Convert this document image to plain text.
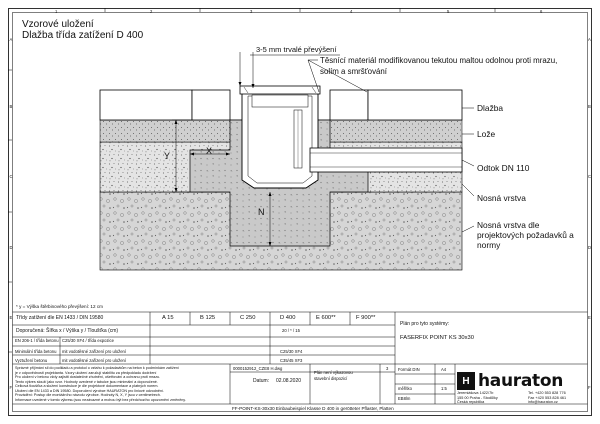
1	2	3	4	5	6
A
B
C
D
E
F
A
B
C
D
E
F
Vzorové uložení
Dlažba třída zatížení D 400
3-5 mm trvalé převýšení
Těsnící materiál modifikovanou tekutou maltou odolnou proti mrazu,
solím a smršťování
Dlažba
Lože
Odtok DN 110
Nosná vrstva
Nosná vrstva dle
projektových požadavků a
normy
X
Y
N
* y = Výška štěrbinového převýšení: 12 cm
Třídy zatížení dle EN 1433 / DIN 19580	A 15	B 125	C 250	D 400	E 600**	F 900**
Doporučená: Šířka x / Výška y / Tloušťka (cm)	20 / * / 15
EN 206-1 / třída betonu C25/30 XF4 / třída expozice
Minimální třída betonu mit vodotěsné zařízení pro uložení	C25/30 XF4
Vyztužení betonu	mit vodotěsné zařízení pro uložení	C35/45 XF3
Správné přijímání sil do podkladu a protokol o vztahu k požadavkům na beton k podmínkám zatížení
je v odpovědnosti projektanta. Vzory uložení zaručují stabilitu za předpokladu dodržení
Pro uložení v betonu vždy zajistit dostatečné zhutnění, ošetřování a ochranu proti mrazu.
Tento výkres slouží jako vzor. Hodnoty uvedené v tabulce jsou minimální a doporučené.
Celková tloušťka a složení konstrukce je dle projektové dokumentace a platných norem.
Uložení dle EN 1433 a DIN 19580. Doporučení výrobce HAURATON pro liniové odvodnění.
Provádění: Postup dle montážního návodu výrobce. Hodnoty N, X, Y jsou v centimetrech.
Informace uvedené v tomto výkresu jsou nezávazné a mohou být bez předchozího upozornění změněny.
Plán pro tyto systémy:
FASERFIX POINT KS 30x30
0000152912_CZE8 H.dwg	3
Plán není výkazovou
stavební dispozicí
Datum: 02.08.2020
Formát DIN	A4
měřítko	1:5
EB8lm
H hauraton
Jeremiášova 1422/7b
155 00 Praha - Stodůlky
Česká republika
Tel. +420 553 828 776
Fax +420 553 828 461
info@hauraton.cz
FF-POINT-KS-30x30 Einbaubeispiel Klasse D 400 in gerötteter Pflaster, Platten
